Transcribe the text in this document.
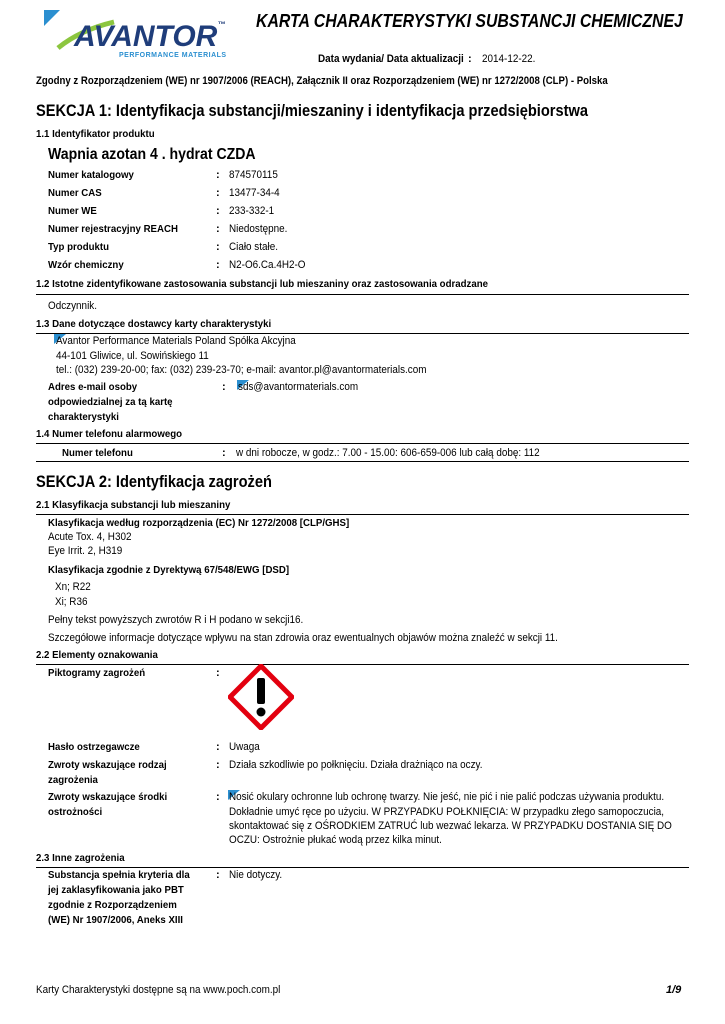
AVANTOR™
PERFORMANCE MATERIALS
KARTA CHARAKTERYSTYKI SUBSTANCJI CHEMICZNEJ
Data wydania/ Data aktualizacji : 2014-12-22.
Zgodny z Rozporządzeniem (WE) nr 1907/2006 (REACH), Załącznik II oraz Rozporządzeniem (WE) nr 1272/2008 (CLP) - Polska
SEKCJA 1: Identyfikacja substancji/mieszaniny i identyfikacja przedsiębiorstwa
1.1 Identyfikator produktu
Wapnia azotan 4 . hydrat CZDA
Numer katalogowy	: 874570115
Numer CAS	: 13477-34-4
Numer WE	: 233-332-1
Numer rejestracyjny REACH	: Niedostępne.
Typ produktu	: Ciało stałe.
Wzór chemiczny	: N2-O6.Ca.4H2-O
1.2 Istotne zidentyfikowane zastosowania substancji lub mieszaniny oraz zastosowania odradzane
Odczynnik.
1.3 Dane dotyczące dostawcy karty charakterystyki
Avantor Performance Materials Poland Spółka Akcyjna
44-101 Gliwice, ul. Sowińskiego 11
tel.: (032) 239-20-00; fax: (032) 239-23-70; e-mail: avantor.pl@avantormaterials.com
Adres e-mail osoby odpowiedzialnej za tą kartę charakterystyki
: sds@avantormaterials.com
1.4 Numer telefonu alarmowego
Numer telefonu	: w dni robocze, w godz.: 7.00 - 15.00: 606-659-006 lub całą dobę: 112
SEKCJA 2: Identyfikacja zagrożeń
2.1 Klasyfikacja substancji lub mieszaniny
Klasyfikacja według rozporządzenia (EC) Nr 1272/2008 [CLP/GHS]
Acute Tox. 4, H302
Eye Irrit. 2, H319
Klasyfikacja zgodnie z Dyrektywą 67/548/EWG [DSD]
Xn; R22
Xi; R36
Pełny tekst powyższych zwrotów R i H podano w sekcji16.
Szczegółowe informacje dotyczące wpływu na stan zdrowia oraz ewentualnych objawów można znaleźć w sekcji 11.
2.2 Elementy oznakowania
Piktogramy zagrożeń	:
Hasło ostrzegawcze	: Uwaga
Zwroty wskazujące rodzaj zagrożenia
: Działa szkodliwie po połknięciu. Działa drażniąco na oczy.
Zwroty wskazujące środki ostrożności
: Nosić okulary ochronne lub ochronę twarzy. Nie jeść, nie pić i nie palić podczas używania produktu.
Dokładnie umyć ręce po użyciu. W PRZYPADKU POŁKNIĘCIA: W przypadku złego samopoczucia,
skontaktować się z OŚRODKIEM ZATRUĆ lub wezwać lekarza. W PRZYPADKU DOSTANIA SIĘ DO
OCZU: Ostrożnie płukać wodą przez kilka minut.
2.3 Inne zagrożenia
Substancja spełnia kryteria dla jej zaklasyfikowania jako PBT zgodnie z Rozporządzeniem (WE) Nr 1907/2006, Aneks XIII
: Nie dotyczy.
Karty Charakterystyki dostępne są na www.poch.com.pl	1/9
